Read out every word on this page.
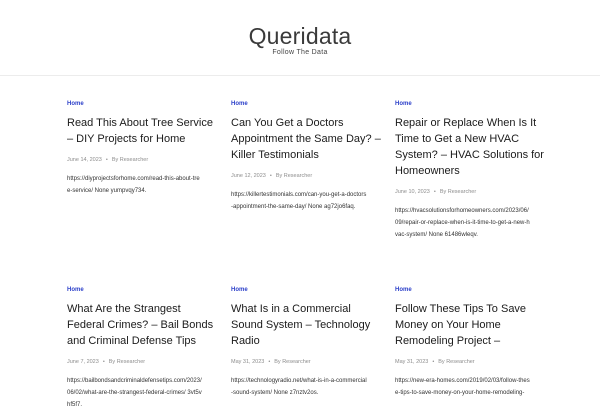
Queridata
Follow The Data
Home
Read This About Tree Service – DIY Projects for Home
June 14, 2023 • By Researcher

https://diyprojectsforhome.com/read-this-about-tree-service/ None yumpvqy734.

Home
Can You Get a Doctors Appointment the Same Day? – Killer Testimonials
June 12, 2023 • By Researcher

https://killertestimonials.com/can-you-get-a-doctors-appointment-the-same-day/ None ag72jo6faq.

Home
Repair or Replace When Is It Time to Get a New HVAC System? – HVAC Solutions for Homeowners
June 10, 2023 • By Researcher

https://hvacsolutionsforhomeowners.com/2023/06/09/repair-or-replace-when-is-it-time-to-get-a-new-hvac-system/ None 61486wleqv.

Home
What Are the Strangest Federal Crimes? – Bail Bonds and Criminal Defense Tips
June 7, 2023 • By Researcher

https://bailbondsandcriminaldefensetips.com/2023/06/02/what-are-the-strangest-federal-crimes/ 3vt5vhf5f7.

Home
What Is in a Commercial Sound System – Technology Radio
May 31, 2023 • By Researcher

https://technologyradio.net/what-is-in-a-commercial-sound-system/ None z7nztv2os.

Home
Follow These Tips To Save Money on Your Home Remodeling Project –
May 31, 2023 • By Researcher

https://new-era-homes.com/2019/02/03/follow-these-tips-to-save-money-on-your-home-remodeling-
